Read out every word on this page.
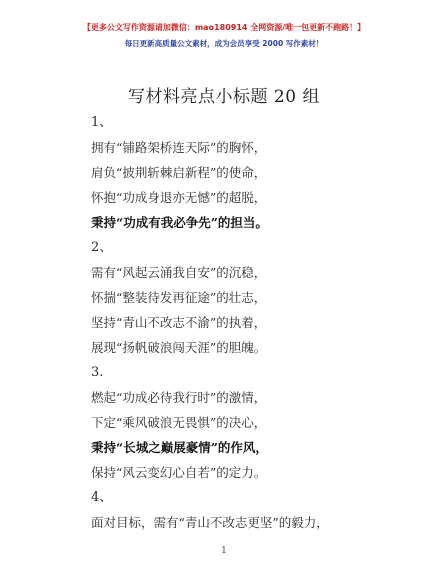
【更多公文写作资源请加微信：mao180914 全网资源/唯一包更新不跑路！】
每日更新高质量公文素材，成为会员享受 2000 写作素材！
写材料亮点小标题 20 组
1、
拥有“铺路架桥连天际”的胸怀，
肩负“披荆斩棘启新程”的使命，
怀抱“功成身退亦无憾”的超脱，
秉持“功成有我必争先”的担当。
2、
需有“风起云涌我自安”的沉稳，
怀揣“整装待发再征途”的壮志，
坚持“青山不改志不渝”的执着，
展现“扬帆破浪闯天涯”的胆魄。
3.
燃起“功成必待我行时”的激情，
下定“乘风破浪无畏惧”的决心，
秉持“长城之巅展豪情”的作风，
保持“风云变幻心自若”的定力。
4、
面对目标，需有“青山不改志更坚”的毅力，
1
